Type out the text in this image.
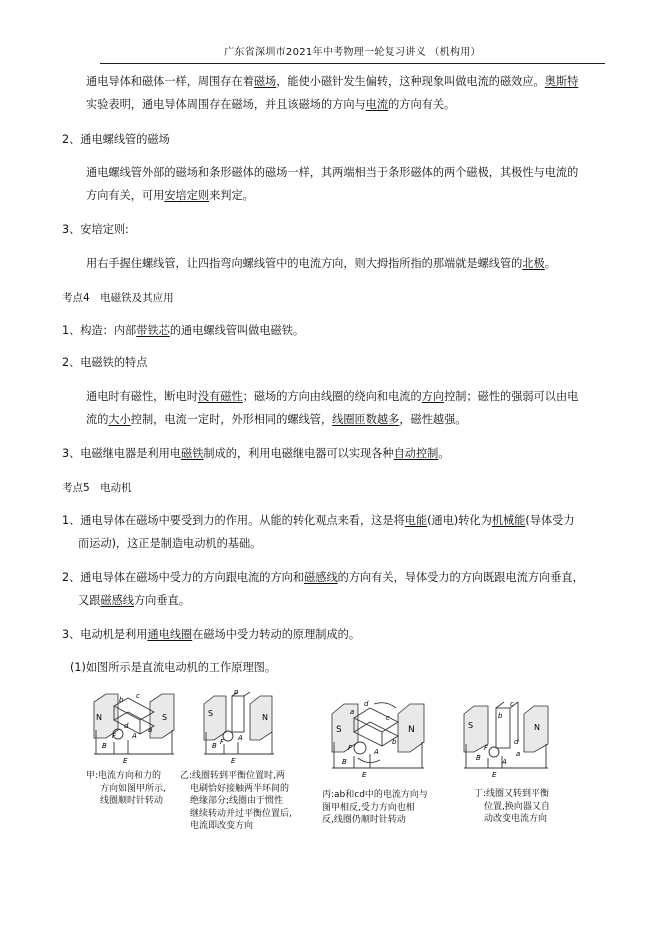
广东省深圳市2021年中考物理一轮复习讲义 （机构用）
通电导体和磁体一样，周围存在着磁场，能使小磁针发生偏转，这种现象叫做电流的磁效应。奥斯特
实验表明，通电导体周围存在磁场，并且该磁场的方向与电流的方向有关。
2、通电螺线管的磁场
通电螺线管外部的磁场和条形磁体的磁场一样，其两端相当于条形磁体的两个磁极，其极性与电流的
方向有关，可用安培定则来判定。
3、安培定则:
用右手握住螺线管，让四指弯向螺线管中的电流方向，则大拇指所指的那端就是螺线管的北极。
考点4　电磁铁及其应用
1、构造：内部带铁芯的通电螺线管叫做电磁铁。
2、电磁铁的特点
通电时有磁性，断电时没有磁性；磁场的方向由线圈的绕向和电流的方向控制；磁性的强弱可以由电
流的大小控制，电流一定时，外形相同的螺线管，线圈匝数越多，磁性越强。
3、电磁继电器是利用电磁铁制成的，利用电磁继电器可以实现各种自动控制。
考点5　电动机
1、通电导体在磁场中要受到力的作用。从能的转化观点来看，这是将电能(通电)转化为机械能(导体受力
而运动)，这正是制造电动机的基础。
2、通电导体在磁场中受力的方向跟电流的方向和磁感线的方向有关，导体受力的方向既跟电流方向垂直，
又跟磁感线方向垂直。
3、电动机是利用通电线圈在磁场中受力转动的原理制成的。
(1)如图所示是直流电动机的工作原理图。
N	S
A
B
a
b c
d
E
F
甲:电流方向和力的
方向如图甲所示,
线圈顺时针转动
S	N
A
B
b
E
F
乙:线圈转到平衡位置时,两
电刷恰好接触两半环间的
绝缘部分;线圈由于惯性
继续转动并过平衡位置后,
电流即改变方向
N
S
A
B
a
b
c
d
E
F
丙:ab和cd中的电流方向与
图甲相反,受力方向也相
反,线圈仍顺时针转动
S	N
A
B	a
b
c
d
E
F
丁:线圈又转到平衡
位置,换向器又自
动改变电流方向
